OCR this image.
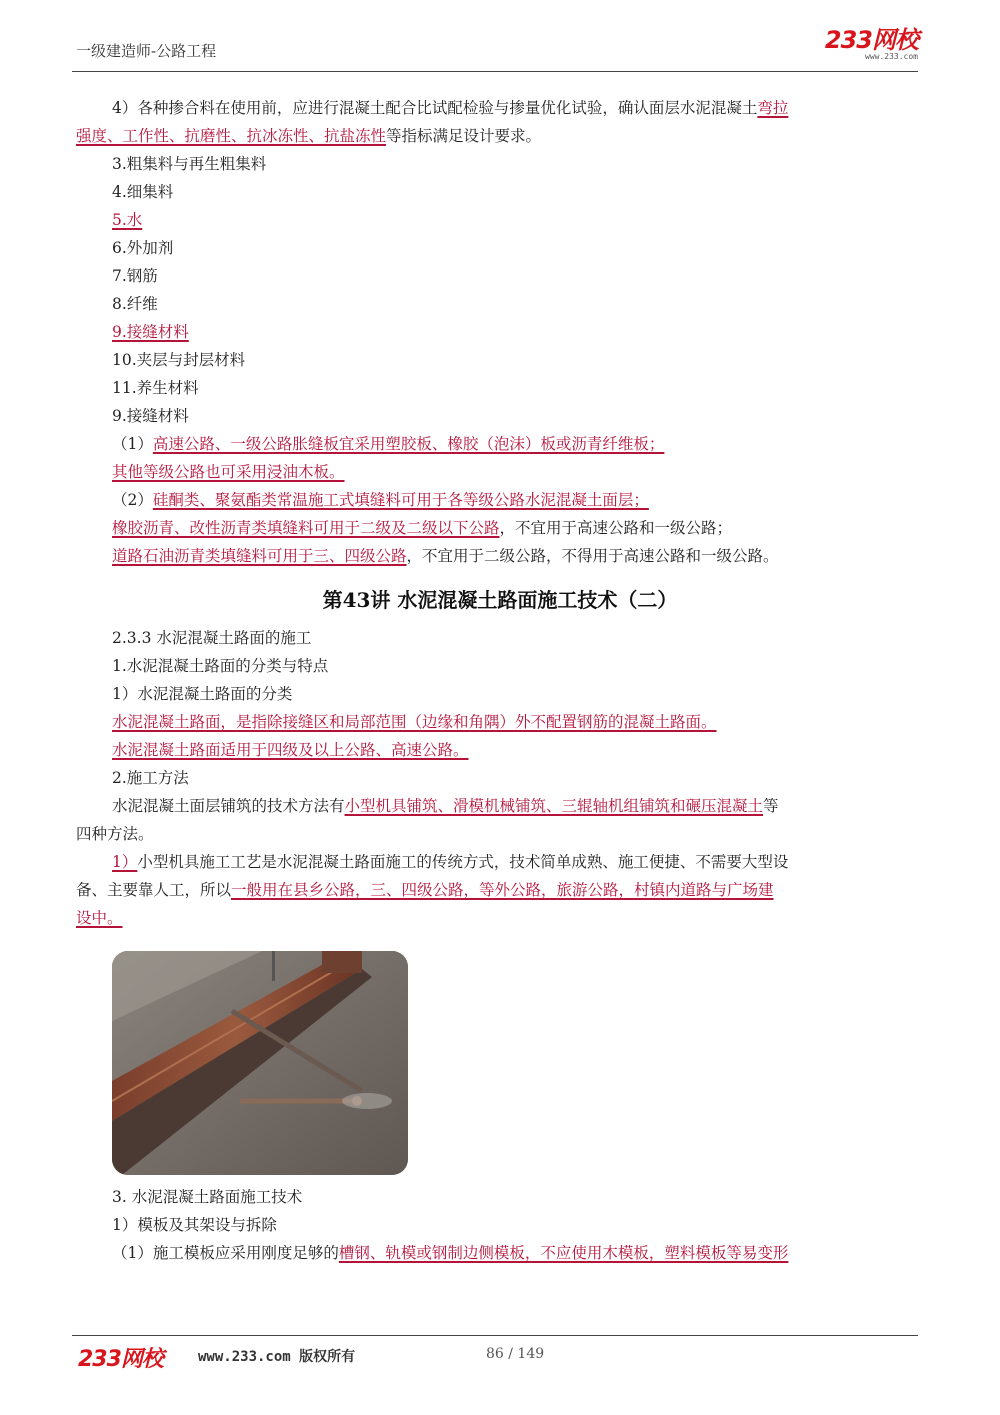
一级建造师-公路工程	233网校
www.233.com
4）各种掺合料在使用前，应进行混凝土配合比试配检验与掺量优化试验，确认面层水泥混凝土弯拉
强度、工作性、抗磨性、抗冰冻性、抗盐冻性等指标满足设计要求。
3.粗集料与再生粗集料
4.细集料
5.水
6.外加剂
7.钢筋
8.纤维
9.接缝材料
10.夹层与封层材料
11.养生材料
9.接缝材料
（1）高速公路、一级公路胀缝板宜采用塑胶板、橡胶（泡沫）板或沥青纤维板；
其他等级公路也可采用浸油木板。
（2）硅酮类、聚氨酯类常温施工式填缝料可用于各等级公路水泥混凝土面层；
橡胶沥青、改性沥青类填缝料可用于二级及二级以下公路，不宜用于高速公路和一级公路；
道路石油沥青类填缝料可用于三、四级公路，不宜用于二级公路，不得用于高速公路和一级公路。
第43讲 水泥混凝土路面施工技术（二）
2.3.3 水泥混凝土路面的施工
1.水泥混凝土路面的分类与特点
1）水泥混凝土路面的分类
水泥混凝土路面，是指除接缝区和局部范围（边缘和角隅）外不配置钢筋的混凝土路面。
水泥混凝土路面适用于四级及以上公路、高速公路。
2.施工方法
水泥混凝土面层铺筑的技术方法有小型机具铺筑、滑模机械铺筑、三辊轴机组铺筑和碾压混凝土等
四种方法。
1）小型机具施工工艺是水泥混凝土路面施工的传统方式，技术简单成熟、施工便捷、不需要大型设
备、主要靠人工，所以一般用在县乡公路，三、四级公路，等外公路，旅游公路，村镇内道路与广场建
设中。
3. 水泥混凝土路面施工技术
1）模板及其架设与拆除
（1）施工模板应采用刚度足够的槽钢、轨模或钢制边侧模板，不应使用木模板，塑料模板等易变形
233网校	www.233.com 版权所有	86 / 149
